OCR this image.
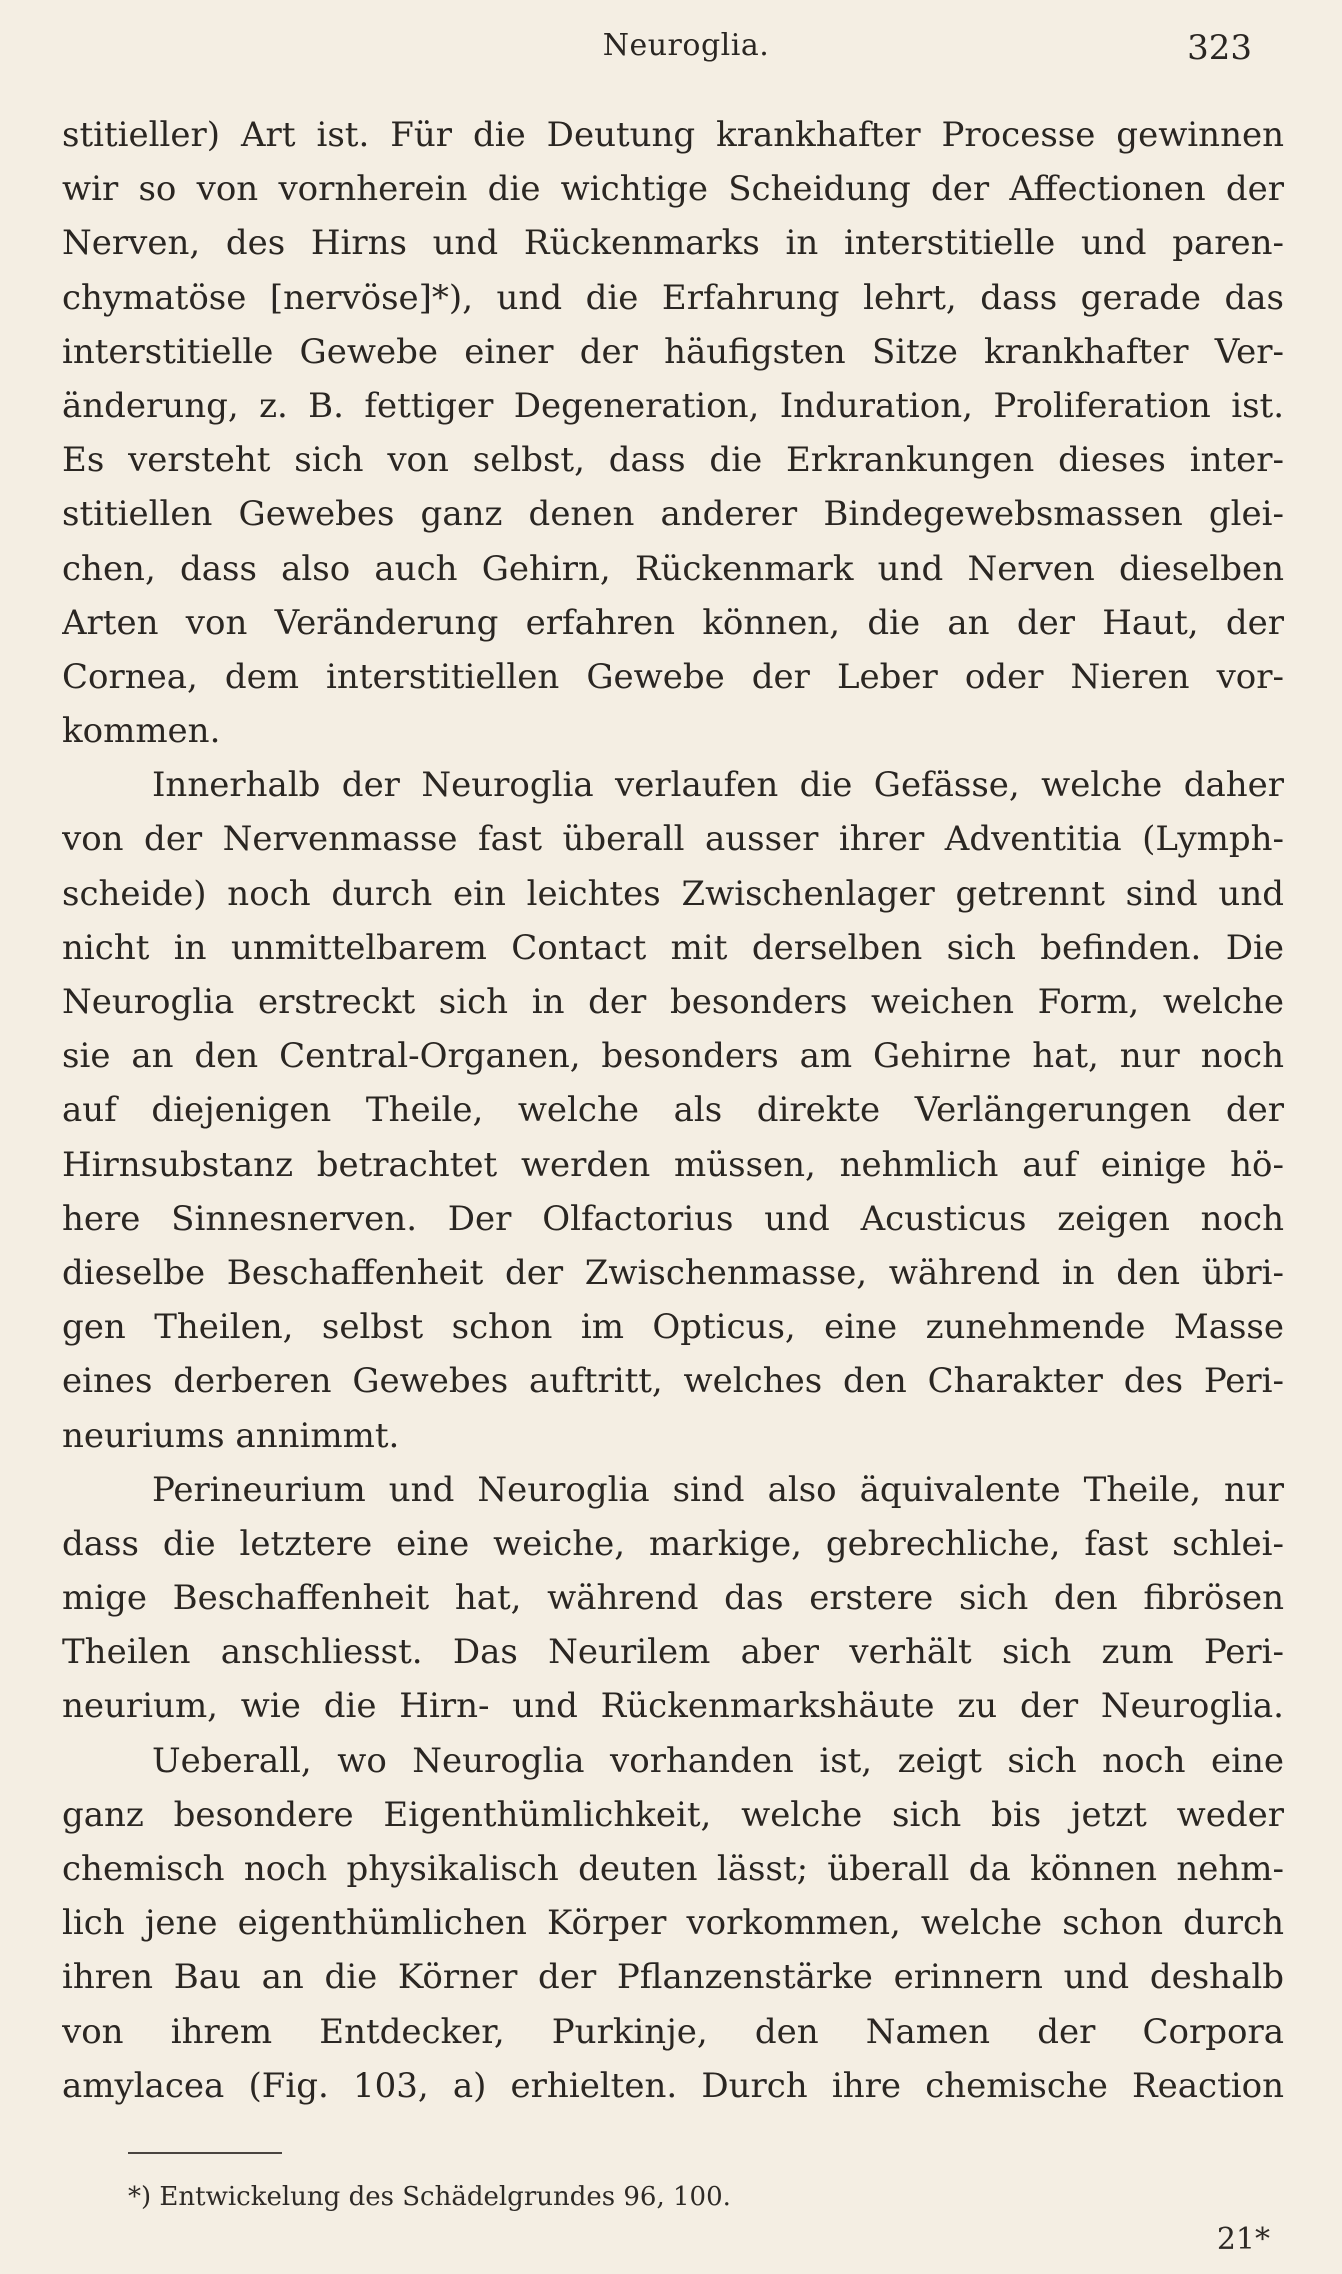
Neuroglia.	323
stitieller) Art ist. Für die Deutung krankhafter Processe gewinnen
wir so von vornherein die wichtige Scheidung der Affectionen der
Nerven, des Hirns und Rückenmarks in interstitielle und paren-
chymatöse [nervöse]*), und die Erfahrung lehrt, dass gerade das
interstitielle Gewebe einer der häufigsten Sitze krankhafter Ver-
änderung, z. B. fettiger Degeneration, Induration, Proliferation ist.
Es versteht sich von selbst, dass die Erkrankungen dieses inter-
stitiellen Gewebes ganz denen anderer Bindegewebsmassen glei-
chen, dass also auch Gehirn, Rückenmark und Nerven dieselben
Arten von Veränderung erfahren können, die an der Haut, der
Cornea, dem interstitiellen Gewebe der Leber oder Nieren vor-
kommen.
Innerhalb der Neuroglia verlaufen die Gefässe, welche daher
von der Nervenmasse fast überall ausser ihrer Adventitia (Lymph-
scheide) noch durch ein leichtes Zwischenlager getrennt sind und
nicht in unmittelbarem Contact mit derselben sich befinden. Die
Neuroglia erstreckt sich in der besonders weichen Form, welche
sie an den Central-Organen, besonders am Gehirne hat, nur noch
auf diejenigen Theile, welche als direkte Verlängerungen der
Hirnsubstanz betrachtet werden müssen, nehmlich auf einige hö-
here Sinnesnerven. Der Olfactorius und Acusticus zeigen noch
dieselbe Beschaffenheit der Zwischenmasse, während in den übri-
gen Theilen, selbst schon im Opticus, eine zunehmende Masse
eines derberen Gewebes auftritt, welches den Charakter des Peri-
neuriums annimmt.
Perineurium und Neuroglia sind also äquivalente Theile, nur
dass die letztere eine weiche, markige, gebrechliche, fast schlei-
mige Beschaffenheit hat, während das erstere sich den fibrösen
Theilen anschliesst. Das Neurilem aber verhält sich zum Peri-
neurium, wie die Hirn- und Rückenmarkshäute zu der Neuroglia.
Ueberall, wo Neuroglia vorhanden ist, zeigt sich noch eine
ganz besondere Eigenthümlichkeit, welche sich bis jetzt weder
chemisch noch physikalisch deuten lässt; überall da können nehm-
lich jene eigenthümlichen Körper vorkommen, welche schon durch
ihren Bau an die Körner der Pflanzenstärke erinnern und deshalb
von ihrem Entdecker, Purkinje, den Namen der Corpora
amylacea (Fig. 103, a) erhielten. Durch ihre chemische Reaction
*) Entwickelung des Schädelgrundes 96, 100.
21*
